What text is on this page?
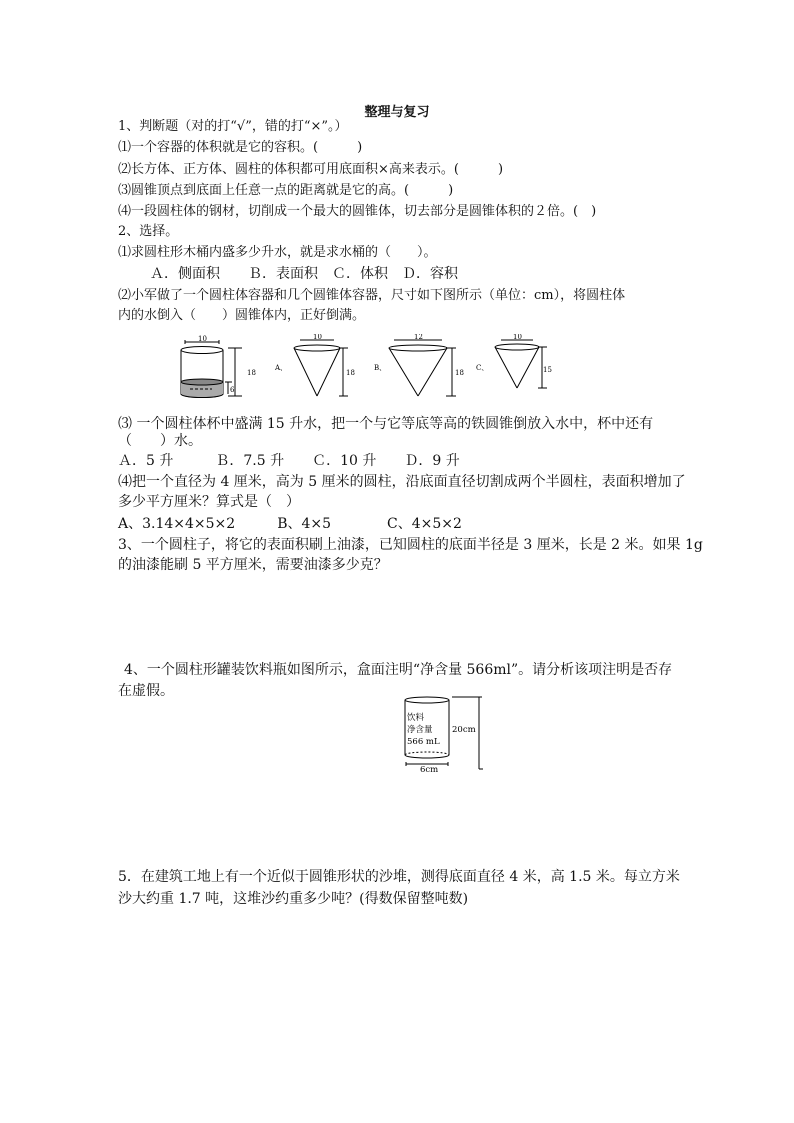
整理与复习
1、判断题（对的打“√”，错的打“×”。）
⑴一个容器的体积就是它的容积。(　　　)
⑵长方体、正方体、圆柱的体积都可用底面积×高来表示。(　　　)
⑶圆锥顶点到底面上任意一点的距离就是它的高。(　　　)
⑷一段圆柱体的钢材，切削成一个最大的圆锥体，切去部分是圆锥体积的２倍。(　)
2、选择。
⑴求圆柱形木桶内盛多少升水，就是求水桶的（　　）。
Ａ．侧面积　　Ｂ．表面积　Ｃ．体积　Ｄ．容积
⑵小军做了一个圆柱体容器和几个圆锥体容器，尺寸如下图所示（单位：cm），将圆柱体
内的水倒入（　　）圆锥体内，正好倒满。
10
18
6
A、
10
18
B、
12
18
C、
10
15
⑶ 一个圆柱体杯中盛满 15 升水，把一个与它等底等高的铁圆锥倒放入水中，杯中还有
（　　）水。
Ａ．5 升　　　Ｂ．7.5 升　　Ｃ．10 升　　Ｄ．9 升
⑷把一个直径为 4 厘米，高为 5 厘米的圆柱，沿底面直径切割成两个半圆柱，表面积增加了
多少平方厘米？算式是（　）
A、3.14×4×5×2　　　B、4×5　　　　C、4×5×2
3、一个圆柱子，将它的表面积刷上油漆，已知圆柱的底面半径是 3 厘米，长是 2 米。如果 1g
的油漆能刷 5 平方厘米，需要油漆多少克？
4、一个圆柱形罐装饮料瓶如图所示，盒面注明“净含量 566ml”。请分析该项注明是否存
在虚假。
饮料
净含量
566 mL
20cm
6cm
5．在建筑工地上有一个近似于圆锥形状的沙堆，测得底面直径 4 米，高 1.5 米。每立方米
沙大约重 1.7 吨，这堆沙约重多少吨？(得数保留整吨数)
